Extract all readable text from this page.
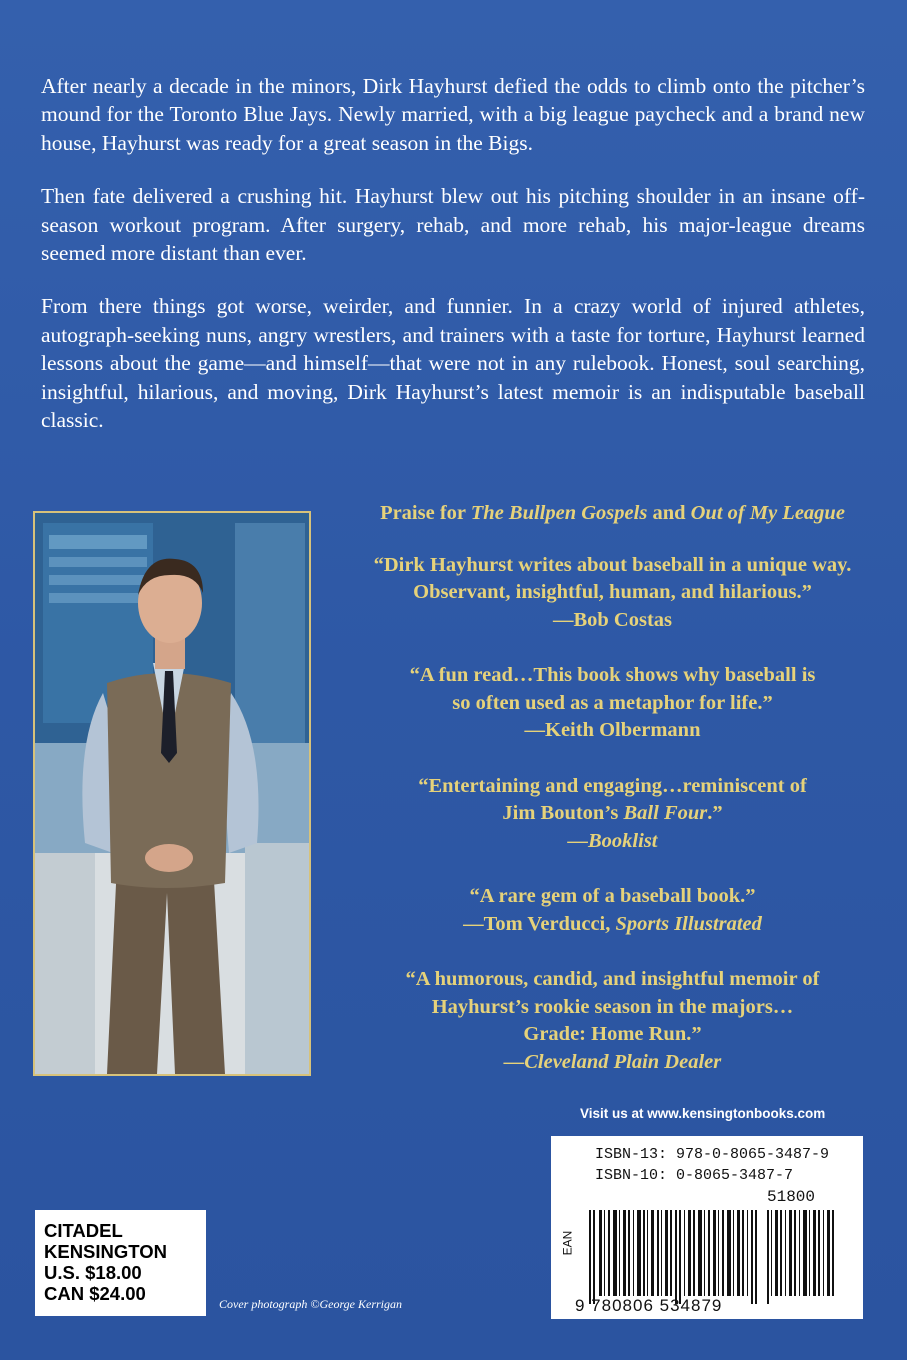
After nearly a decade in the minors, Dirk Hayhurst defied the odds to climb onto the pitcher’s mound for the Toronto Blue Jays. Newly married, with a big league paycheck and a brand new house, Hayhurst was ready for a great season in the Bigs.

Then fate delivered a crushing hit. Hayhurst blew out his pitching shoulder in an insane off-season workout program. After surgery, rehab, and more rehab, his major-league dreams seemed more distant than ever.

From there things got worse, weirder, and funnier. In a crazy world of injured athletes, autograph-seeking nuns, angry wrestlers, and trainers with a taste for torture, Hayhurst learned lessons about the game—and himself—that were not in any rulebook. Honest, soul searching, insightful, hilarious, and moving, Dirk Hayhurst’s latest memoir is an indisputable baseball classic.

Praise for The Bullpen Gospels and Out of My League
“Dirk Hayhurst writes about baseball in a unique way.
Observant, insightful, human, and hilarious.”
—Bob Costas
“A fun read…This book shows why baseball is
so often used as a metaphor for life.”
—Keith Olbermann
“Entertaining and engaging…reminiscent of
Jim Bouton’s Ball Four.”
—Booklist
“A rare gem of a baseball book.”
—Tom Verducci, Sports Illustrated
“A humorous, candid, and insightful memoir of
Hayhurst’s rookie season in the majors…
Grade: Home Run.”
—Cleveland Plain Dealer
Visit us at www.kensingtonbooks.com
ISBN-13: 978-0-8065-3487-9
ISBN-10: 0-8065-3487-7
51800
EAN
9 780806 534879
CITADEL
KENSINGTON
U.S. $18.00
CAN $24.00	Cover photograph ©George Kerrigan
